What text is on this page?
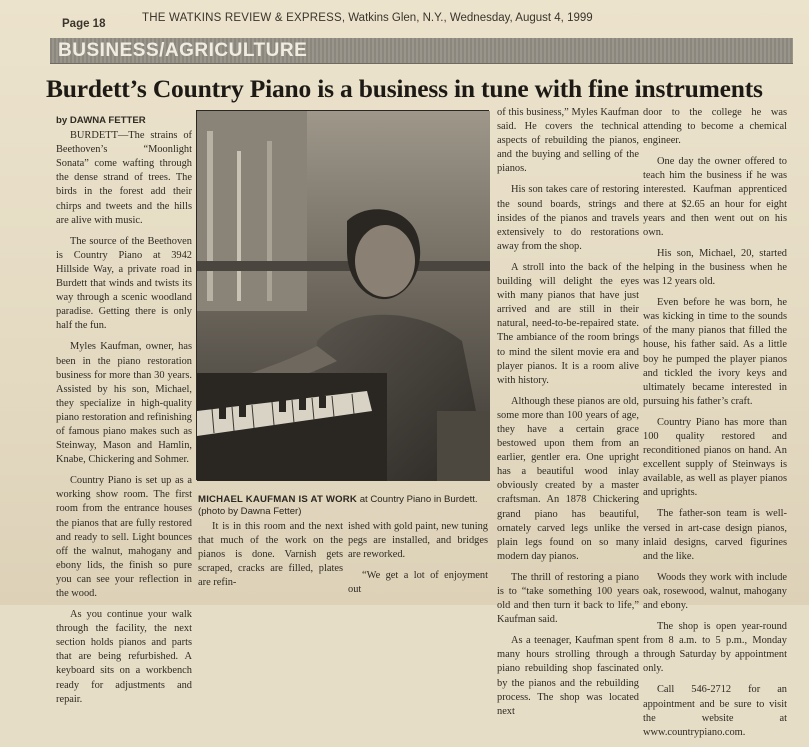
Page 18	THE WATKINS REVIEW & EXPRESS, Watkins Glen, N.Y., Wednesday, August 4, 1999
BUSINESS/AGRICULTURE
Burdett’s Country Piano is a business in tune with fine instruments
by DAWNA FETTER

BURDETT—The strains of Beethoven’s “Moonlight Sonata” come wafting through the dense strand of trees. The birds in the forest add their chirps and tweets and the hills are alive with music.

The source of the Beethoven is Country Piano at 3942 Hillside Way, a private road in Burdett that winds and twists its way through a scenic woodland paradise. Getting there is only half the fun.

Myles Kaufman, owner, has been in the piano restoration business for more than 30 years. Assisted by his son, Michael, they specialize in high-quality piano restoration and refinishing of famous piano makes such as Steinway, Mason and Hamlin, Knabe, Chickering and Sohmer.

Country Piano is set up as a working show room. The first room from the entrance houses the pianos that are fully restored and ready to sell. Light bounces off the walnut, mahogany and ebony lids, the finish so pure you can see your reflection in the wood.

As you continue your walk through the facility, the next section holds pianos and parts that are being refurbished. A keyboard sits on a workbench ready for adjustments and repair.

MICHAEL KAUFMAN IS AT WORK at Country Piano in Burdett.
(photo by Dawna Fetter)

It is in this room and the next that much of the work on the pianos is done. Varnish gets scraped, cracks are filled, plates are refin-

ished with gold paint, new tuning pegs are installed, and bridges are reworked.

“We get a lot of enjoyment out

of this business,” Myles Kaufman said. He covers the technical aspects of rebuilding the pianos, and the buying and selling of the pianos.

His son takes care of restoring the sound boards, strings and insides of the pianos and travels extensively to do restorations away from the shop.

A stroll into the back of the building will delight the eyes with many pianos that have just arrived and are still in their natural, need-to-be-repaired state. The ambiance of the room brings to mind the silent movie era and player pianos. It is a room alive with history.

Although these pianos are old, some more than 100 years of age, they have a certain grace bestowed upon them from an earlier, gentler era. One upright has a beautiful wood inlay obviously created by a master craftsman. An 1878 Chickering grand piano has beautiful, ornately carved legs unlike the plain legs found on so many modern day pianos.

The thrill of restoring a piano is to “take something 100 years old and then turn it back to life,” Kaufman said.

As a teenager, Kaufman spent many hours strolling through a piano rebuilding shop fascinated by the pianos and the rebuilding process. The shop was located next

door to the college he was attending to become a chemical engineer.

One day the owner offered to teach him the business if he was interested. Kaufman apprenticed there at $2.65 an hour for eight years and then went out on his own.

His son, Michael, 20, started helping in the business when he was 12 years old.

Even before he was born, he was kicking in time to the sounds of the many pianos that filled the house, his father said. As a little boy he pumped the player pianos and tickled the ivory keys and ultimately became interested in pursuing his father’s craft.

Country Piano has more than 100 quality restored and reconditioned pianos on hand. An excellent supply of Steinways is available, as well as player pianos and uprights.

The father-son team is well-versed in art-case design pianos, inlaid designs, carved figurines and the like.

Woods they work with include oak, rosewood, walnut, mahogany and ebony.

The shop is open year-round from 8 a.m. to 5 p.m., Monday through Saturday by appointment only.

Call 546-2712 for an appointment and be sure to visit the website at www.countrypiano.com.
